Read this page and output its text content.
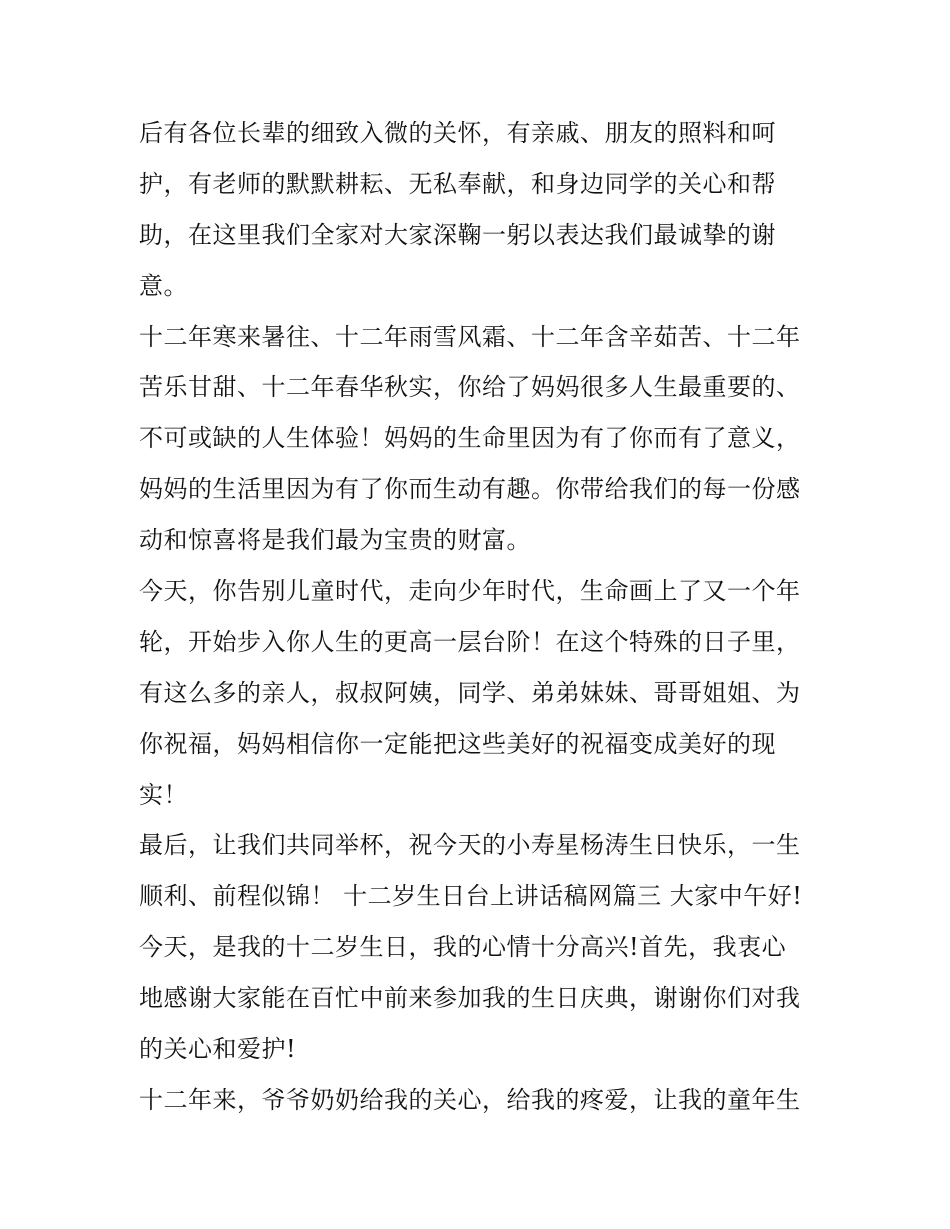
后有各位长辈的细致入微的关怀，有亲戚、朋友的照料和呵
护，有老师的默默耕耘、无私奉献，和身边同学的关心和帮
助，在这里我们全家对大家深鞠一躬以表达我们最诚挚的谢
意。
十二年寒来暑往、十二年雨雪风霜、十二年含辛茹苦、十二年
苦乐甘甜、十二年春华秋实，你给了妈妈很多人生最重要的、
不可或缺的人生体验！妈妈的生命里因为有了你而有了意义，
妈妈的生活里因为有了你而生动有趣。你带给我们的每一份感
动和惊喜将是我们最为宝贵的财富。
今天，你告别儿童时代，走向少年时代，生命画上了又一个年
轮，开始步入你人生的更高一层台阶！在这个特殊的日子里，
有这么多的亲人，叔叔阿姨，同学、弟弟妹妹、哥哥姐姐、为
你祝福，妈妈相信你一定能把这些美好的祝福变成美好的现
实！
最后，让我们共同举杯，祝今天的小寿星杨涛生日快乐，一生
顺利、前程似锦！ 十二岁生日台上讲话稿网篇三 大家中午好!
今天，是我的十二岁生日，我的心情十分高兴!首先，我衷心
地感谢大家能在百忙中前来参加我的生日庆典，谢谢你们对我
的关心和爱护!
十二年来，爷爷奶奶给我的关心，给我的疼爱，让我的童年生
